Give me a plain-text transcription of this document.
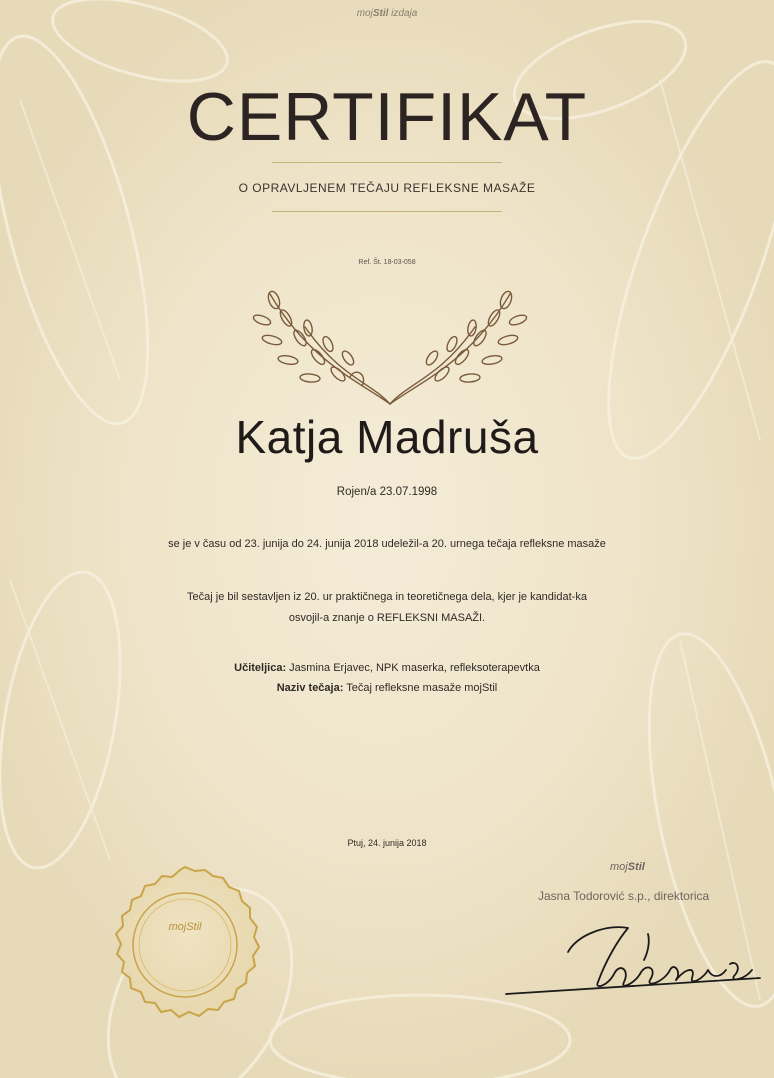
mojStil izdaja
CERTIFIKAT
O OPRAVLJENEM TEČAJU REFLEKSNE MASAŽE
Ref. Št. 18-03-058
Katja Madruša
Rojen/a 23.07.1998
se je v času od 23. junija do 24. junija 2018 udeležil-a 20. urnega tečaja refleksne masaže
Tečaj je bil sestavljen iz 20. ur praktičnega in teoretičnega dela, kjer je kandidat-ka
osvojil-a znanje o REFLEKSNI MASAŽI.
Učiteljica: Jasmina Erjavec, NPK maserka, refleksoterapevtka
Naziv tečaja: Tečaj refleksne masaže mojStil
Ptuj, 24. junija 2018
mojStil
Jasna Todorović s.p., direktorica
mojStil
